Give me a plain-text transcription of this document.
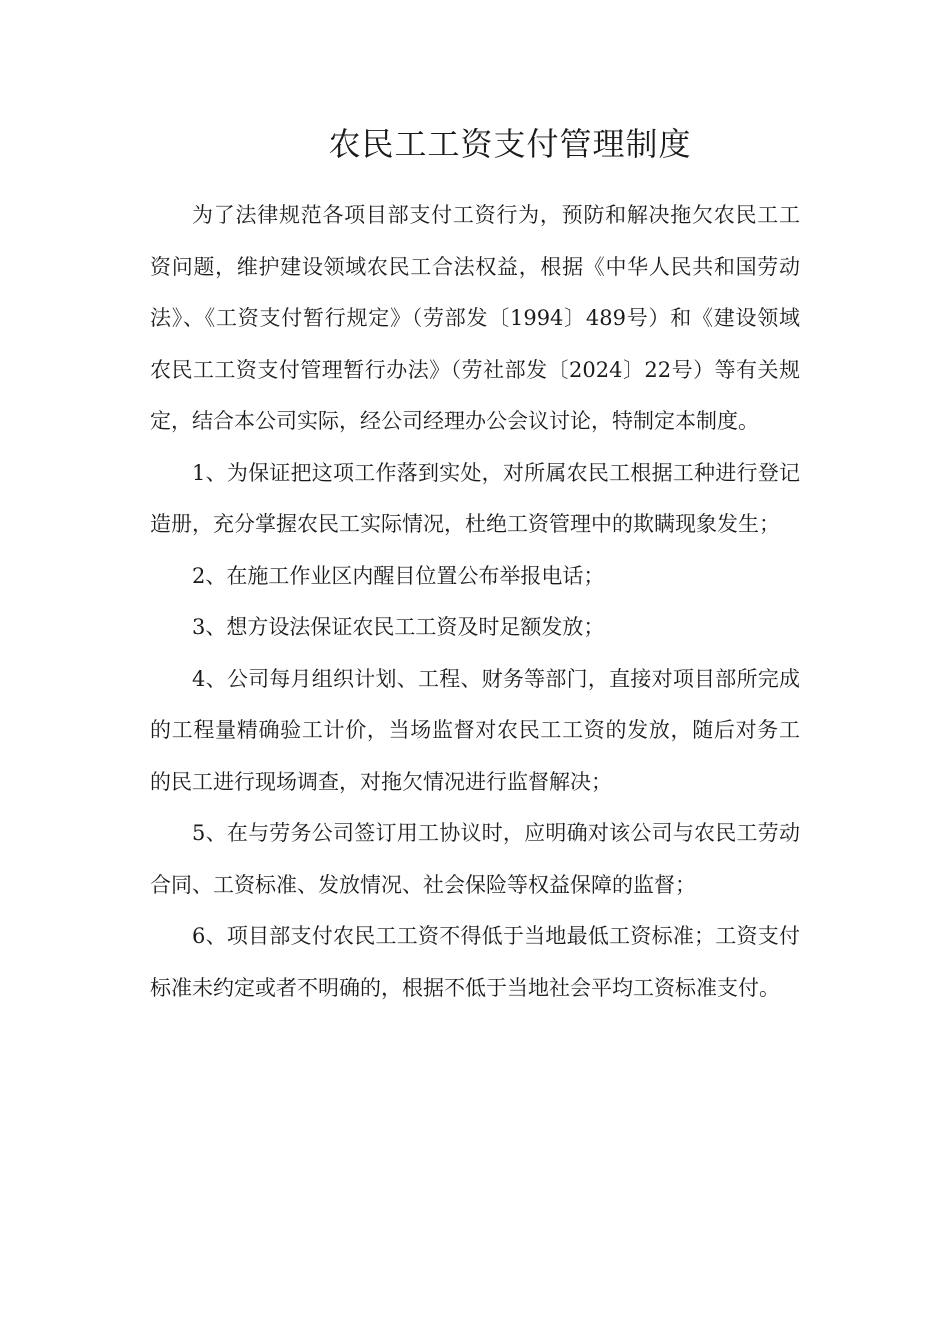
农民工工资支付管理制度

为了法律规范各项目部支付工资行为，预防和解决拖欠农民工工资问题，维护建设领域农民工合法权益，根据《中华人民共和国劳动法》、《工资支付暂行规定》（劳部发〔1994〕489号）和《建设领域农民工工资支付管理暂行办法》（劳社部发〔2024〕22号）等有关规定，结合本公司实际，经公司经理办公会议讨论，特制定本制度。

1、为保证把这项工作落到实处，对所属农民工根据工种进行登记造册，充分掌握农民工实际情况，杜绝工资管理中的欺瞒现象发生；

2、在施工作业区内醒目位置公布举报电话；

3、想方设法保证农民工工资及时足额发放；

4、公司每月组织计划、工程、财务等部门，直接对项目部所完成的工程量精确验工计价，当场监督对农民工工资的发放，随后对务工的民工进行现场调查，对拖欠情况进行监督解决；

5、在与劳务公司签订用工协议时，应明确对该公司与农民工劳动合同、工资标准、发放情况、社会保险等权益保障的监督；

6、项目部支付农民工工资不得低于当地最低工资标准；工资支付标准未约定或者不明确的，根据不低于当地社会平均工资标准支付。
